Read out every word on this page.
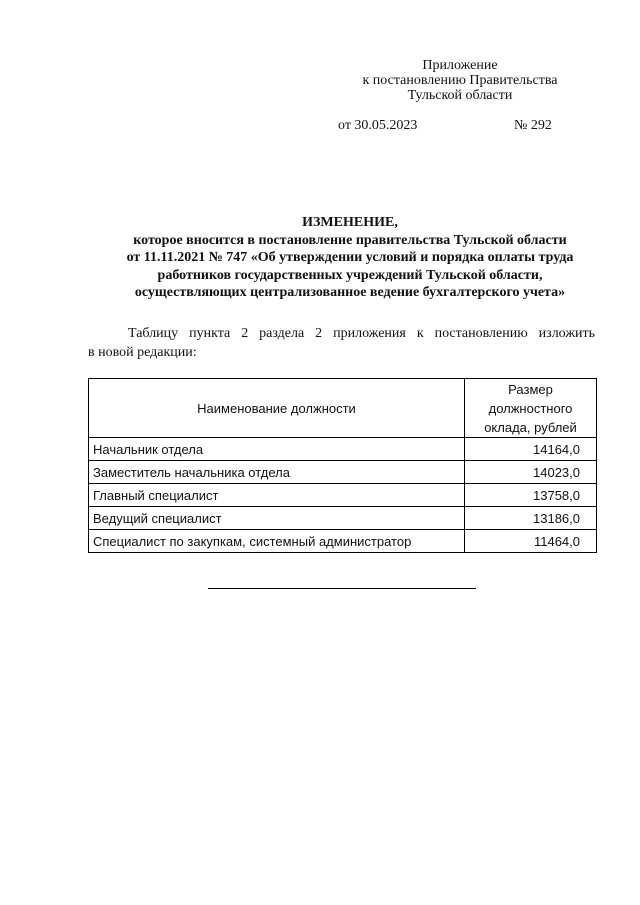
Приложение
к постановлению Правительства
Тульской области
от 30.05.2023	№ 292
ИЗМЕНЕНИЕ,
которое вносится в постановление правительства Тульской области
от 11.11.2021 № 747 «Об утверждении условий и порядка оплаты труда
работников государственных учреждений Тульской области,
осуществляющих централизованное ведение бухгалтерского учета»
Таблицу пункта 2 раздела 2 приложения к постановлению изложить
в новой редакции:
Наименование должности	Размер
должностного
оклада, рублей
Начальник отдела	14164,0
Заместитель начальника отдела	14023,0
Главный специалист	13758,0
Ведущий специалист	13186,0
Специалист по закупкам, системный администратор	11464,0
